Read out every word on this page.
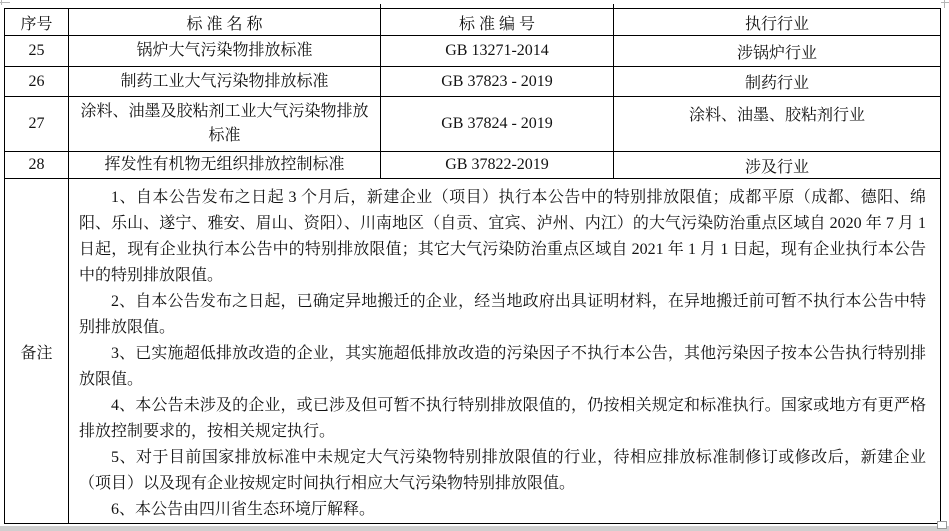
序号	标 准 名 称	标 准 编 号	执行行业
25	锅炉大气污染物排放标准	GB 13271-2014	涉锅炉行业
26	制药工业大气污染物排放标准	GB 37823 - 2019	制药行业
27	涂料、油墨及胶粘剂工业大气污染物排放标准	GB 37824 - 2019	涂料、油墨、胶粘剂行业
28	挥发性有机物无组织排放控制标准	GB 37822-2019	涉及行业
备注	

1、自本公告发布之日起 3 个月后，新建企业（项目）执行本公告中的特别排放限值；成都平原（成都、德阳、绵阳、乐山、遂宁、雅安、眉山、资阳）、川南地区（自贡、宜宾、泸州、内江）的大气污染防治重点区域自 2020 年 7 月 1 日起，现有企业执行本公告中的特别排放限值；其它大气污染防治重点区域自 2021 年 1 月 1 日起，现有企业执行本公告中的特别排放限值。

2、自本公告发布之日起，已确定异地搬迁的企业，经当地政府出具证明材料，在异地搬迁前可暂不执行本公告中特别排放限值。

3、已实施超低排放改造的企业，其实施超低排放改造的污染因子不执行本公告，其他污染因子按本公告执行特别排放限值。

4、本公告未涉及的企业，或已涉及但可暂不执行特别排放限值的，仍按相关规定和标准执行。国家或地方有更严格排放控制要求的，按相关规定执行。

5、对于目前国家排放标准中未规定大气污染物特别排放限值的行业，待相应排放标准制修订或修改后，新建企业（项目）以及现有企业按规定时间执行相应大气污染物特别排放限值。

6、本公告由四川省生态环境厅解释。
